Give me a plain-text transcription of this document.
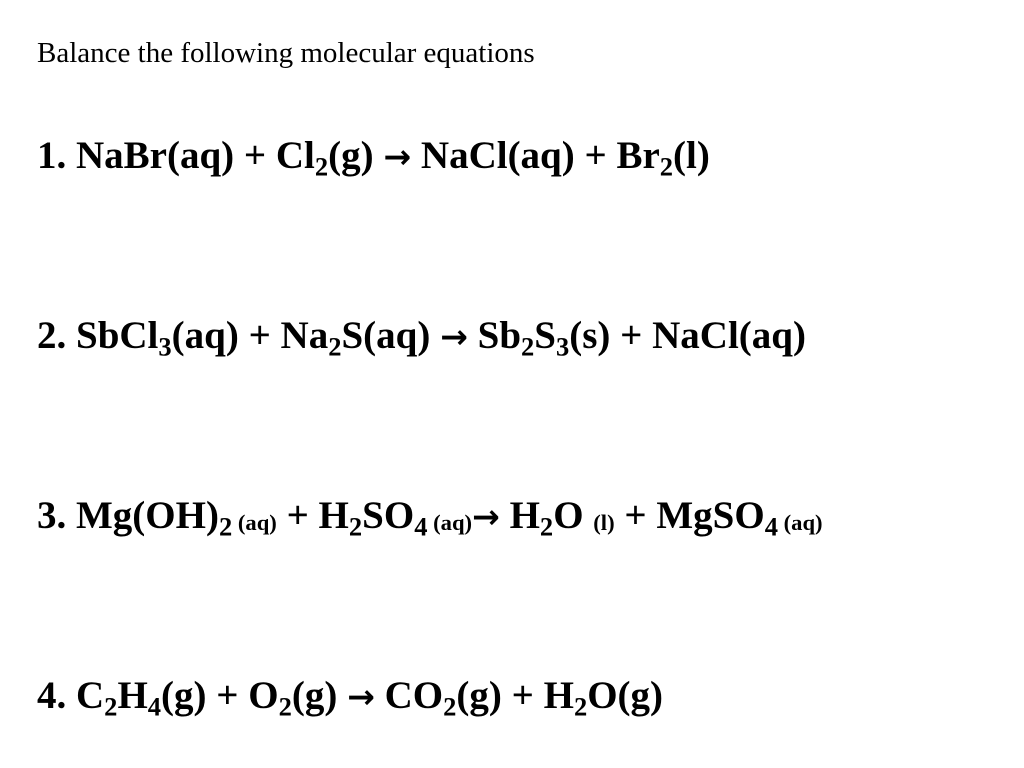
Balance the following molecular equations
1. NaBr(aq) + $Cl_2(g)$ → NaCl(aq) + $Br_2(l)$
2. SbCl$_3$(aq) + $Na_2S(aq) \to Sb_2S_3(s)$ + NaCl(aq)
3. $Mg(OH)_2$ $_{(aq)} + H_2SO_4$ $_{(aq)}\to H_2O$ $_{(l)}$ + MgSO$_4$ $_{(aq)}$
4. $C_2H_4(g) + O_2(g) \to CO_2(g) + H_2O(g)$
